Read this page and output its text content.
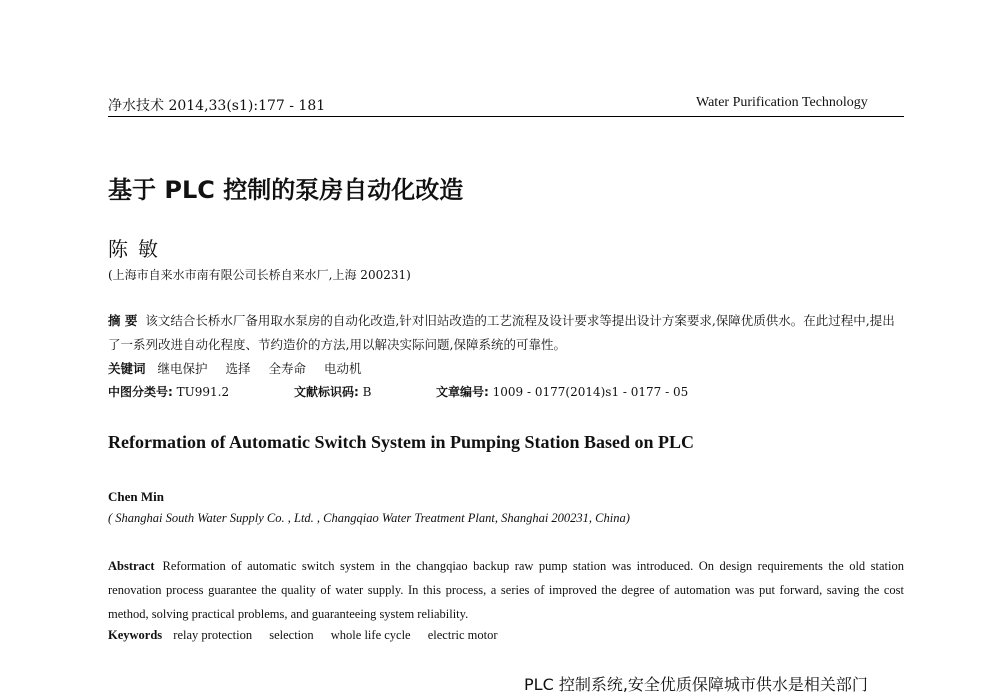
净水技术 2014,33(s1):177 - 181	Water Purification Technology
基于 PLC 控制的泵房自动化改造
陈敏
(上海市自来水市南有限公司长桥自来水厂,上海 200231)
摘 要 该文结合长桥水厂备用取水泵房的自动化改造,针对旧站改造的工艺流程及设计要求等提出设计方案要求,保障优质供水。在此过程中,提出了一系列改进自动化程度、节约造价的方法,用以解决实际问题,保障系统的可靠性。
关键词 继电保护 选择 全寿命 电动机
中图分类号: TU991.2	文献标识码: B	文章编号: 1009 - 0177(2014)s1 - 0177 - 05
Reformation of Automatic Switch System in Pumping Station Based on PLC
Chen Min
( Shanghai South Water Supply Co. , Ltd. , Changqiao Water Treatment Plant, Shanghai 200231, China)
Abstract Reformation of automatic switch system in the changqiao backup raw pump station was introduced. On design requirements the old station renovation process guarantee the quality of water supply. In this process, a series of improved the degree of automation was put forward, saving the cost method, solving practical problems, and guaranteeing system reliability.
Keywords relay protection selection whole life cycle electric motor
PLC 控制系统,安全优质保障城市供水是相关部门
